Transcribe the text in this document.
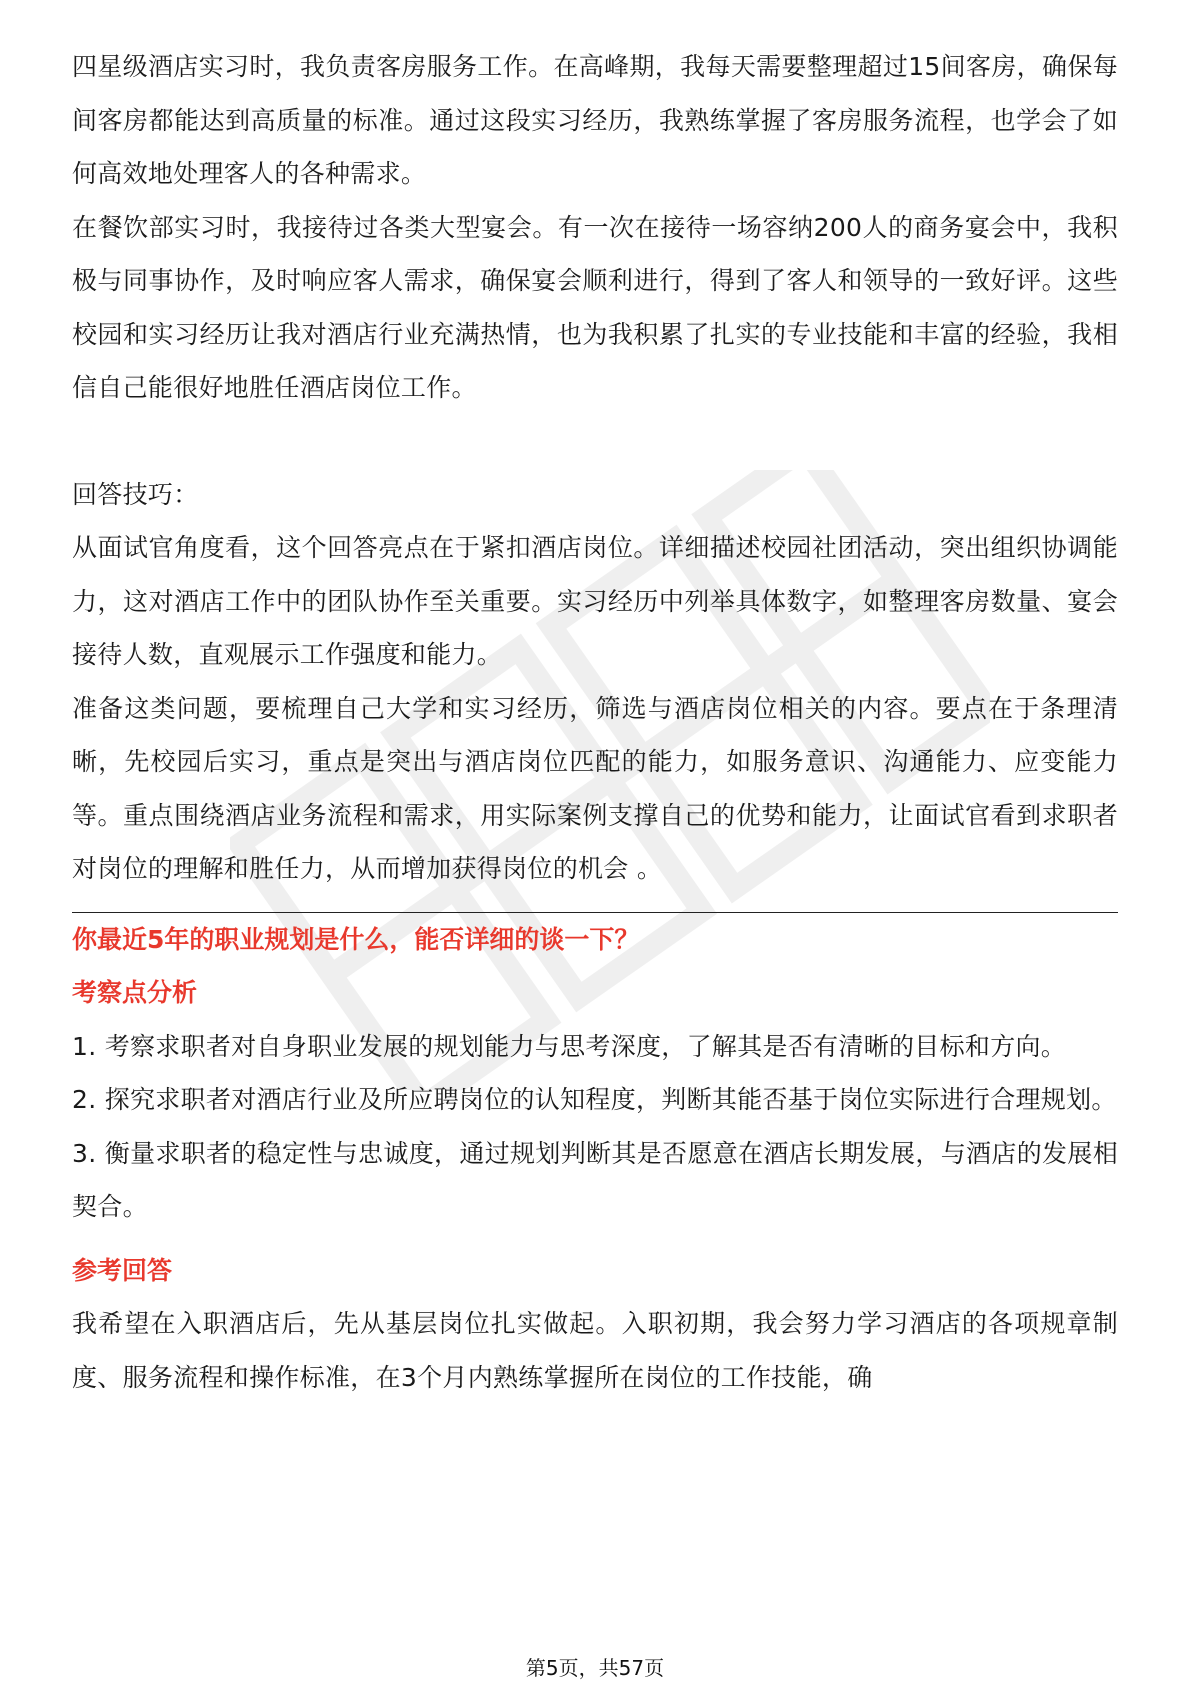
四星级酒店实习时，我负责客房服务工作。在高峰期，我每天需要整理超过15间客房，确保每间客房都能达到高质量的标准。通过这段实习经历，我熟练掌握了客房服务流程，也学会了如何高效地处理客人的各种需求。

在餐饮部实习时，我接待过各类大型宴会。有一次在接待一场容纳200人的商务宴会中，我积极与同事协作，及时响应客人需求，确保宴会顺利进行，得到了客人和领导的一致好评。这些校园和实习经历让我对酒店行业充满热情，也为我积累了扎实的专业技能和丰富的经验，我相信自己能很好地胜任酒店岗位工作。

回答技巧：

从面试官角度看，这个回答亮点在于紧扣酒店岗位。详细描述校园社团活动，突出组织协调能力，这对酒店工作中的团队协作至关重要。实习经历中列举具体数字，如整理客房数量、宴会接待人数，直观展示工作强度和能力。

准备这类问题，要梳理自己大学和实习经历，筛选与酒店岗位相关的内容。要点在于条理清晰，先校园后实习，重点是突出与酒店岗位匹配的能力，如服务意识、沟通能力、应变能力等。重点围绕酒店业务流程和需求，用实际案例支撑自己的优势和能力，让面试官看到求职者对岗位的理解和胜任力，从而增加获得岗位的机会 。

你最近5年的职业规划是什么，能否详细的谈一下？

考察点分析

1. 考察求职者对自身职业发展的规划能力与思考深度，了解其是否有清晰的目标和方向。

2. 探究求职者对酒店行业及所应聘岗位的认知程度，判断其能否基于岗位实际进行合理规划。

3. 衡量求职者的稳定性与忠诚度，通过规划判断其是否愿意在酒店长期发展，与酒店的发展相契合。

参考回答

我希望在入职酒店后，先从基层岗位扎实做起。入职初期，我会努力学习酒店的各项规章制度、服务流程和操作标准，在3个月内熟练掌握所在岗位的工作技能，确

第5页，共57页
